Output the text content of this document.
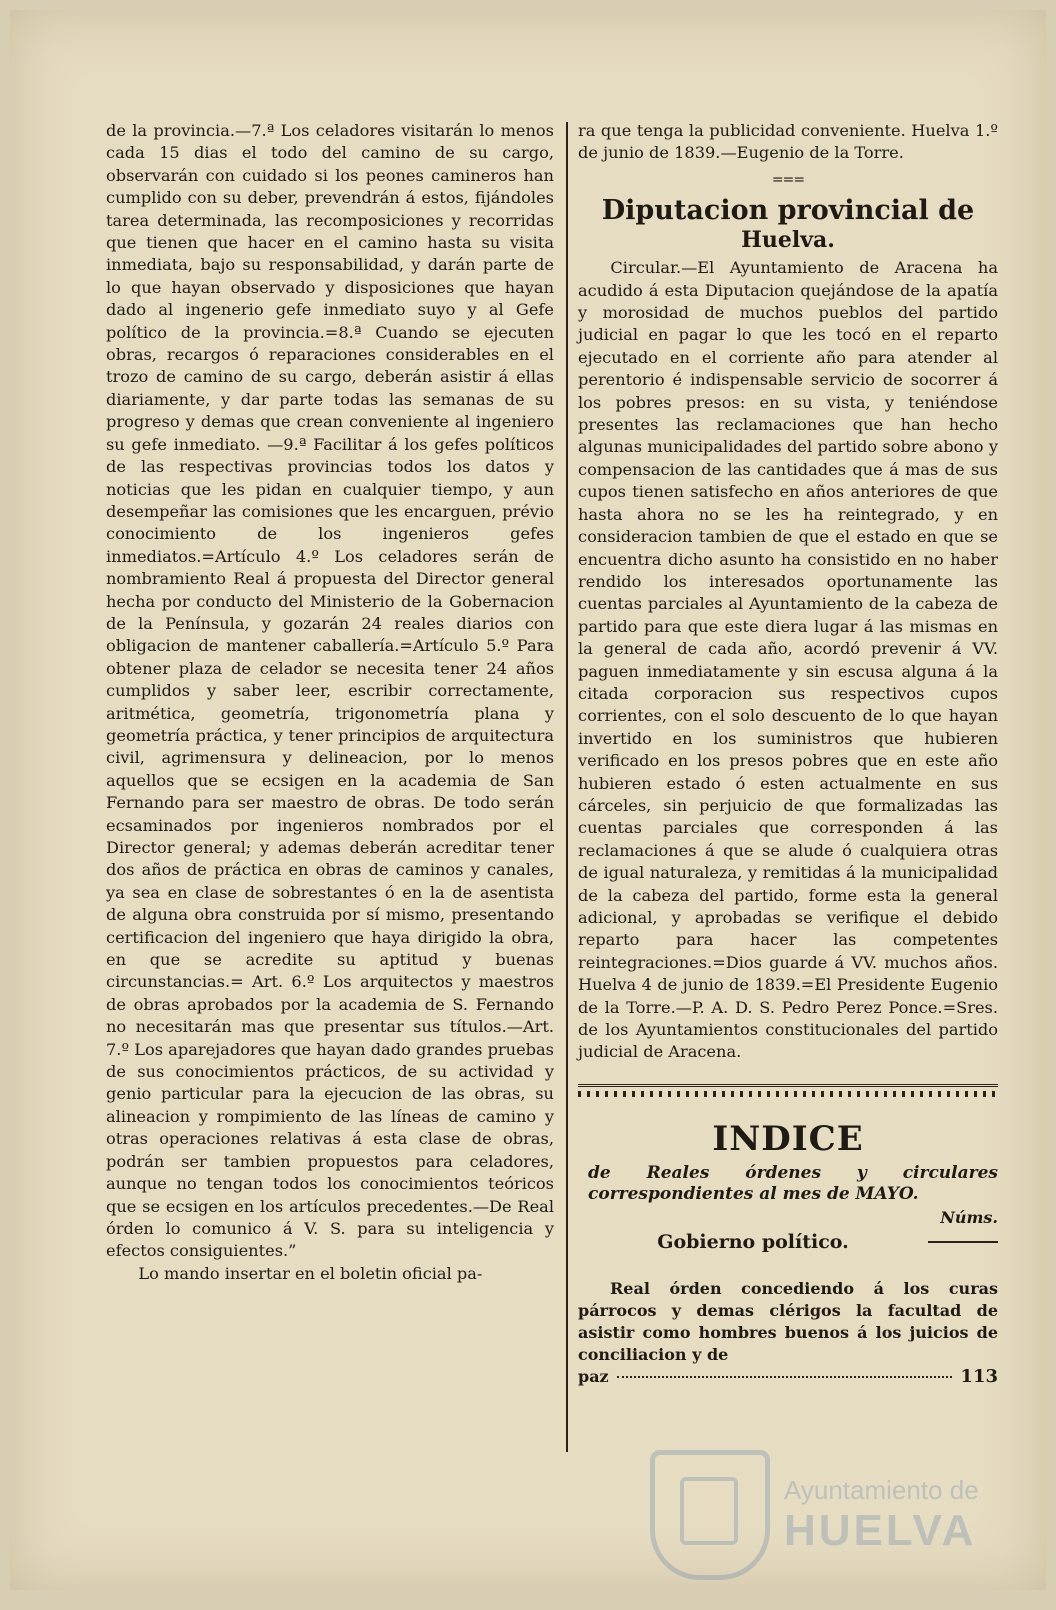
de la provincia.—7.ª Los celadores visitarán lo menos cada 15 dias el todo del camino de su cargo, observarán con cuidado si los peones camineros han cumplido con su deber, prevendrán á estos, fijándoles tarea determinada, las recomposiciones y recorridas que tienen que hacer en el camino hasta su visita inmediata, bajo su responsabilidad, y darán parte de lo que hayan observado y disposiciones que hayan dado al ingenerio gefe inmediato suyo y al Gefe político de la provincia.=8.ª Cuando se ejecuten obras, recargos ó reparaciones considerables en el trozo de camino de su cargo, deberán asistir á ellas diariamente, y dar parte todas las semanas de su progreso y demas que crean conveniente al ingeniero su gefe inmediato. —9.ª Facilitar á los gefes políticos de las respectivas provincias todos los datos y noticias que les pidan en cualquier tiempo, y aun desempeñar las comisiones que les encarguen, prévio conocimiento de los ingenieros gefes inmediatos.=Artículo 4.º Los celadores serán de nombramiento Real á propuesta del Director general hecha por conducto del Ministerio de la Gobernacion de la Península, y gozarán 24 reales diarios con obligacion de mantener caballería.=Artículo 5.º Para obtener plaza de celador se necesita tener 24 años cumplidos y saber leer, escribir correctamente, aritmética, geometría, trigonometría plana y geometría práctica, y tener principios de arquitectura civil, agrimensura y delineacion, por lo menos aquellos que se ecsigen en la academia de San Fernando para ser maestro de obras. De todo serán ecsaminados por ingenieros nombrados por el Director general; y ademas deberán acreditar tener dos años de práctica en obras de caminos y canales, ya sea en clase de sobrestantes ó en la de asentista de alguna obra construida por sí mismo, presentando certificacion del ingeniero que haya dirigido la obra, en que se acredite su aptitud y buenas circunstancias.= Art. 6.º Los arquitectos y maestros de obras aprobados por la academia de S. Fernando no necesitarán mas que presentar sus títulos.—Art. 7.º Los aparejadores que hayan dado grandes pruebas de sus conocimientos prácticos, de su actividad y genio particular para la ejecucion de las obras, su alineacion y rompimiento de las líneas de camino y otras operaciones relativas á esta clase de obras, podrán ser tambien propuestos para celadores, aunque no tengan todos los conocimientos teóricos que se ecsigen en los artículos precedentes.—De Real órden lo comunico á V. S. para su inteligencia y efectos consiguientes.”

Lo mando insertar en el boletin oficial pa-

ra que tenga la publicidad conveniente. Huelva 1.º de junio de 1839.—Eugenio de la Torre.

===
Diputacion provincial de
Huelva.

Circular.—El Ayuntamiento de Aracena ha acudido á esta Diputacion quejándose de la apatía y morosidad de muchos pueblos del partido judicial en pagar lo que les tocó en el reparto ejecutado en el corriente año para atender al perentorio é indispensable servicio de socorrer á los pobres presos: en su vista, y teniéndose presentes las reclamaciones que han hecho algunas municipalidades del partido sobre abono y compensacion de las cantidades que á mas de sus cupos tienen satisfecho en años anteriores de que hasta ahora no se les ha reintegrado, y en consideracion tambien de que el estado en que se encuentra dicho asunto ha consistido en no haber rendido los interesados oportunamente las cuentas parciales al Ayuntamiento de la cabeza de partido para que este diera lugar á las mismas en la general de cada año, acordó prevenir á VV. paguen inmediatamente y sin escusa alguna á la citada corporacion sus respectivos cupos corrientes, con el solo descuento de lo que hayan invertido en los suministros que hubieren verificado en los presos pobres que en este año hubieren estado ó esten actualmente en sus cárceles, sin perjuicio de que formalizadas las cuentas parciales que corresponden á las reclamaciones á que se alude ó cualquiera otras de igual naturaleza, y remitidas á la municipalidad de la cabeza del partido, forme esta la general adicional, y aprobadas se verifique el debido reparto para hacer las competentes reintegraciones.=Dios guarde á VV. muchos años. Huelva 4 de junio de 1839.=El Presidente Eugenio de la Torre.—P. A. D. S. Pedro Perez Ponce.=Sres. de los Ayuntamientos constitucionales del partido judicial de Aracena.

INDICE
de Reales órdenes y circulares correspondientes al mes de MAYO.
Núms.
Gobierno político.

Real órden concediendo á los curas párrocos y demas clérigos la facultad de asistir como hombres buenos á los juicios de conciliacion y de

paz	113
Ayuntamiento de
HUELVA
